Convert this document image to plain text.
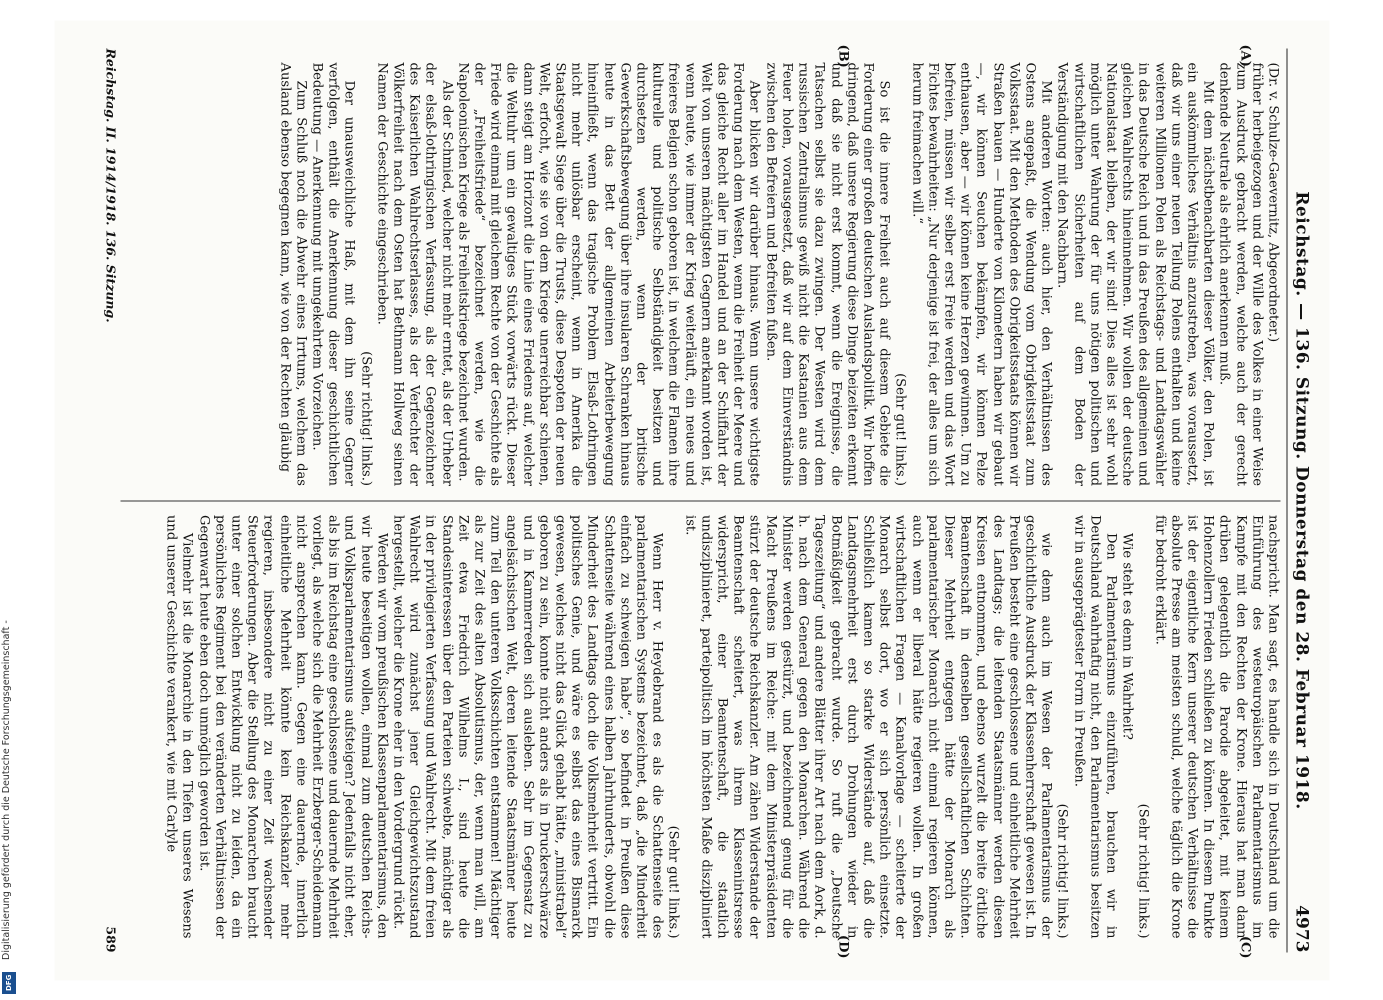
Reichstag. — 136. Sitzung. Donnerstag den 28. Februar 1918.
4973
(A)
(B)

(Dr. v. Schulze-Gaevernitz, Abgeordneter.)

früher herbeigezogen und der Wille des Volkes in einer Weise zum Ausdruck gebracht werden, welche auch der gerecht denkende Neutrale als ehrlich anerkennen muß.

Mit dem nächstbenachbarten dieser Völker, den Polen, ist ein auskömmliches Verhältnis anzustreben, was voraussetzt, daß wir uns einer neuen Teilung Polens enthalten und keine weiteren Millionen Polen als Reichstags- und Landtagswähler in das Deutsche Reich und in das Preußen des allgemeinen und gleichen Wahlrechts hineinnehmen. Wir wollen der deutsche Nationalstaat bleiben, der wir sind! Dies alles ist sehr wohl möglich unter Wahrung der für uns nötigen politischen und wirtschaftlichen Sicherheiten auf dem Boden der Verständigung mit den Nachbarn.

Mit anderen Worten: auch hier, den Verhältnissen des Ostens angepaßt, die Wendung vom Obrigkeitsstaat zum Volksstaat. Mit den Methoden des Obrigkeitsstaats können wir Straßen bauen — Hunderte von Kilometern haben wir gebaut —, wir können Seuchen bekämpfen, wir können Pelze enthausen, aber — wir können keine Herzen gewinnen. Um zu befreien, müssen wir selber erst Freie werden und das Wort Fichtes bewahrheiten: „Nur derjenige ist frei, der alles um sich herum freimachen will.“

(Sehr gut! links.)

So ist die innere Freiheit auch auf diesem Gebiete die Forderung einer großen deutschen Auslandspolitik. Wir hoffen dringend, daß unsere Regierung diese Dinge beizeiten erkennt und daß sie nicht erst kommt, wenn die Ereignisse, die Tatsachen selbst sie dazu zwingen. Der Westen wird dem russischen Zentralismus gewiß nicht die Kastanien aus dem Feuer holen, vorausgesetzt, daß wir auf dem Einverständnis zwischen den Befreiern und Befreiten fußen.

Aber blicken wir darüber hinaus. Wenn unsere wichtigste Forderung nach dem Westen, wenn die Freiheit der Meere und das gleiche Recht aller im Handel und an der Schiffahrt der Welt von unseren mächtigsten Gegnern anerkannt worden ist, wenn heute, wie immer der Krieg weiterläuft, ein neues und freieres Belgien schon geboren ist, in welchem die Flamen ihre kulturelle und politische Selbständigkeit besitzen und durchsetzen werden, wenn der britische Gewerkschaftsbewegung über ihre insularen Schranken hinaus heute in das Bett der allgemeinen Arbeiterbewegung hineinfließt, wenn das tragische Problem Elsaß-Lothringen nicht mehr unlösbar erscheint, wenn in Amerika die Staatsgewalt Siege über die Trusts, diese Despoten der neuen Welt, erfocht, wie sie von dem Kriege unerreichbar schienen, dann steigt am Horizont die Linie eines Friedens auf, welcher die Weltuhr um ein gewaltiges Stück vorwärts rückt. Dieser Friede wird einmal mit gleichem Rechte von der Geschichte als der „Freiheitsfriede“ bezeichnet werden, wie die Napoleonischen Kriege als Freiheitskriege bezeichnet wurden.

Als der Schmied, welcher nicht mehr erntet, als der Urheber der elsaß-lothringischen Verfassung, als der Gegenzeichner des Kaiserlichen Wahlrechtserlasses, als der Verfechter der Völkerfreiheit nach dem Osten hat Bethmann Hollweg seinen Namen der Geschichte eingeschrieben.

(Sehr richtig! links.)

Der unausweichliche Haß, mit dem ihn seine Gegner verfolgen, enthält die Anerkennung dieser geschichtlichen Bedeutung — Anerkennung mit umgekehrtem Vorzeichen.

Zum Schluß noch die Abwehr eines Irrtums, welchem das Ausland ebenso begegnen kann, wie von der Rechten gläubig

(C)
(D)

nachspricht. Man sagt, es handle sich in Deutschland um die Einführung des westeuropäischen Parlamentarismus im Kampfe mit den Rechten der Krone. Hieraus hat man dann drüben gelegentlich die Parodie abgeleitet, mit keinem Hohenzollern Frieden schließen zu können. In diesem Punkte ist der eigentliche Kern unserer deutschen Verhältnisse die absolute Presse am meisten schuld, welche täglich die Krone für bedroht erklärt.

(Sehr richtig! links.)

Wie steht es denn in Wahrheit?

Den Parlamentarismus einzuführen, brauchen wir in Deutschland wahrhaftig nicht, den Parlamentarismus besitzen wir in ausgeprägtester Form in Preußen.

(Sehr richtig! links.)

wie denn auch im Wesen der Parlamentarismus der geschichtliche Ausdruck der Klassenherrschaft gewesen ist. In Preußen besteht eine geschlossene und einheitliche Mehrheit des Landtags; die leitenden Staatsmänner werden diesen Kreisen entnommen, und ebenso wurzelt die breite örtliche Beamtenschaft in denselben gesellschaftlichen Schichten. Dieser Mehrheit entgegen hätte der Monarch als parlamentarischer Monarch nicht einmal regieren können, auch wenn er liberal hätte regieren wollen. In großen wirtschaftlichen Fragen — Kanalvorlage — scheiterte der Monarch selbst dort, wo er sich persönlich einsetzte. Schließlich kamen so starke Widerstände auf, daß die Landtagsmehrheit erst durch Drohungen wieder in Botmäßigkeit gebracht wurde. So ruft die „Deutsche Tageszeitung“ und andere Blätter ihrer Art nach dem Aork, d. h. nach dem General gegen den Monarchen. Während die Minister werden gestürzt, und bezeichnend genug für die Macht Preußens im Reiche: mit dem Ministerpräsidenten stürzt der deutsche Reichskanzler. Am zähen Widerstande der Beamtenschaft scheitert, was ihrem Klassenintsresse widerspricht, einer Beamtenschaft, die staatlich undisziplinieret, parteipolitisch im höchsten Maße diszipliniert ist.

(Sehr gut! links.)

Wenn Herr v. Heydebrand es als die Schattenseite des parlamentarischen Systems bezeichnet, daß „die Minderheit einfach zu schweigen habe“, so befindet in Preußen diese Schattenseite während eines halben Jahrhunderts, obwohl die Minderheit des Landtags doch die Volksmehrheit vertritt. Ein politisches Genie, und wäre es selbst das eines Bismarck gewesen, welches nicht das Glück gehabt hätte, „ministrabel“ geboren zu sein, konnte nicht anders als in Druckerschwärze und in Kammerreden sich ausleben. Sehr im Gegensatz zu angelsächsischen Welt, deren leitende Staatsmänner heute zum Teil den unteren Volksschichten entstammen! Mächtiger als zur Zeit des alten Absolutismus, der, wenn man will, am Zeit etwa Friedrich Wilhelms I., sind heute die Standesinteressen über den Parteien schwebte, mächtiger als in der privilegierten Verfassung und Wahlrecht. Mit dem freien Wahlrecht wird zunächst jener Gleichgewichtszustand hergestellt, welcher die Krone eher in den Vordergrund rückt.

Werden wir vom preußischen Klassenparlamentarismus, den wir heute beseitigen wollen, einmal zum deutschen Reichs- und Volksparlamentarismus aufsteigen? Jedenfalls nicht eher, als bis im Reichstag eine geschlossene und dauernde Mehrheit vorliegt, als welche sich die Mehrheit Erzberger-Scheidemann nicht ansprechen kann. Gegen eine dauernde, innerlich einheitliche Mehrheit könnte kein Reichskanzler mehr regieren, insbesondere nicht zu einer Zeit wachsender Steuerforderungen. Aber die Stellung des Monarchen braucht unter einer solchen Entwicklung nicht zu leiden, da ein persönliches Regiment bei den veränderten Verhältnissen der Gegenwart heute eben doch unmöglich geworden ist.

Vielmehr ist die Monarchie in den Tiefen unseres Wesens und unserer Geschichte verankert, wie mit Carlyle

Reichstag. II. 1914/1918. 136. Sitzung.
589
Digitalisierung gefördert durch die Deutsche Forschungsgemeinschaft -
DFG
